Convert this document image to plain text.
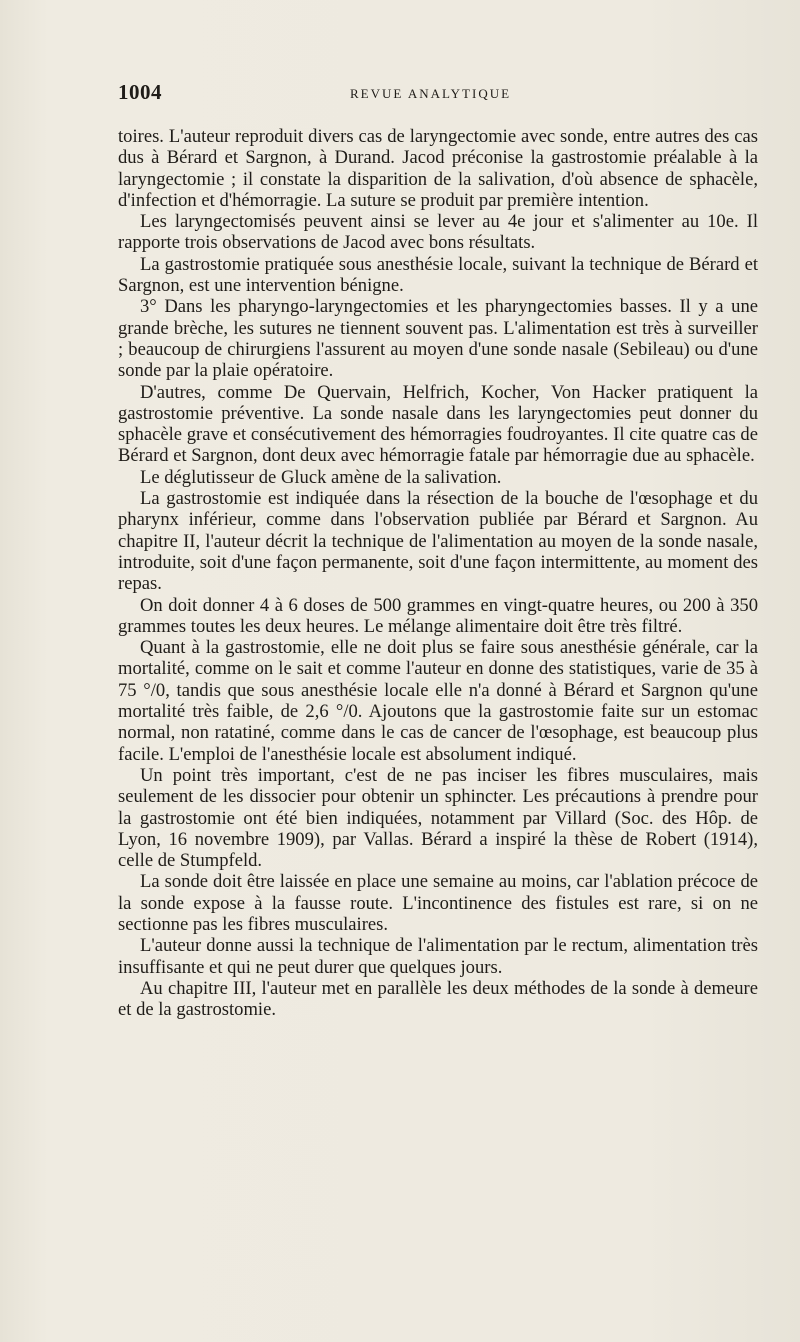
1004	REVUE ANALYTIQUE

toires. L'auteur reproduit divers cas de laryngectomie avec sonde, entre autres des cas dus à Bérard et Sargnon, à Durand. Jacod préconise la gastrostomie préalable à la laryngectomie ; il constate la disparition de la salivation, d'où absence de sphacèle, d'infection et d'hémorragie. La suture se produit par première intention.

Les laryngectomisés peuvent ainsi se lever au 4e jour et s'alimenter au 10e. Il rapporte trois observations de Jacod avec bons résultats.

La gastrostomie pratiquée sous anesthésie locale, suivant la technique de Bérard et Sargnon, est une intervention bénigne.

3° Dans les pharyngo-laryngectomies et les pharyngectomies basses. Il y a une grande brèche, les sutures ne tiennent souvent pas. L'alimentation est très à surveiller ; beaucoup de chirurgiens l'assurent au moyen d'une sonde nasale (Sebileau) ou d'une sonde par la plaie opératoire.

D'autres, comme De Quervain, Helfrich, Kocher, Von Hacker pratiquent la gastrostomie préventive. La sonde nasale dans les laryngectomies peut donner du sphacèle grave et consécutivement des hémorragies foudroyantes. Il cite quatre cas de Bérard et Sargnon, dont deux avec hémorragie fatale par hémorragie due au sphacèle.

Le déglutisseur de Gluck amène de la salivation.

La gastrostomie est indiquée dans la résection de la bouche de l'œsophage et du pharynx inférieur, comme dans l'observation publiée par Bérard et Sargnon. Au chapitre II, l'auteur décrit la technique de l'alimentation au moyen de la sonde nasale, introduite, soit d'une façon permanente, soit d'une façon intermittente, au moment des repas.

On doit donner 4 à 6 doses de 500 grammes en vingt-quatre heures, ou 200 à 350 grammes toutes les deux heures. Le mélange alimentaire doit être très filtré.

Quant à la gastrostomie, elle ne doit plus se faire sous anesthésie générale, car la mortalité, comme on le sait et comme l'auteur en donne des statistiques, varie de 35 à 75 °/0, tandis que sous anesthésie locale elle n'a donné à Bérard et Sargnon qu'une mortalité très faible, de 2,6 °/0. Ajoutons que la gastrostomie faite sur un estomac normal, non ratatiné, comme dans le cas de cancer de l'œsophage, est beaucoup plus facile. L'emploi de l'anesthésie locale est absolument indiqué.

Un point très important, c'est de ne pas inciser les fibres musculaires, mais seulement de les dissocier pour obtenir un sphincter. Les précautions à prendre pour la gastrostomie ont été bien indiquées, notamment par Villard (Soc. des Hôp. de Lyon, 16 novembre 1909), par Vallas. Bérard a inspiré la thèse de Robert (1914), celle de Stumpfeld.

La sonde doit être laissée en place une semaine au moins, car l'ablation précoce de la sonde expose à la fausse route. L'incontinence des fistules est rare, si on ne sectionne pas les fibres musculaires.

L'auteur donne aussi la technique de l'alimentation par le rectum, alimentation très insuffisante et qui ne peut durer que quelques jours.

Au chapitre III, l'auteur met en parallèle les deux méthodes de la sonde à demeure et de la gastrostomie.
